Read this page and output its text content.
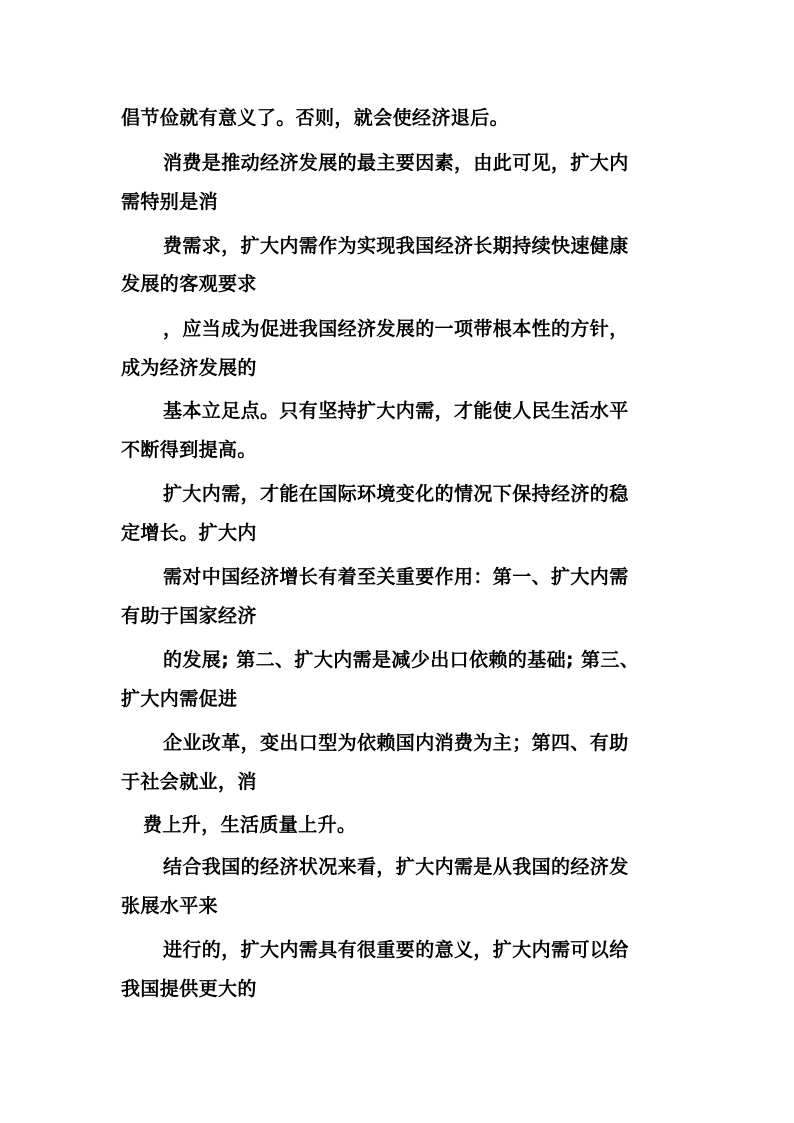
倡节俭就有意义了。否则，就会使经济退后。
消费是推动经济发展的最主要因素，由此可见，扩大内
需特别是消
费需求，扩大内需作为实现我国经济长期持续快速健康
发展的客观要求
，应当成为促进我国经济发展的一项带根本性的方针，
成为经济发展的
基本立足点。只有坚持扩大内需，才能使人民生活水平
不断得到提高。
扩大内需，才能在国际环境变化的情况下保持经济的稳
定增长。扩大内
需对中国经济增长有着至关重要作用：第一、扩大内需
有助于国家经济
的发展; 第二、扩大内需是减少出口依赖的基础; 第三、
扩大内需促进
企业改革，变出口型为依赖国内消费为主；第四、有助
于社会就业，消
费上升，生活质量上升。
结合我国的经济状况来看，扩大内需是从我国的经济发
张展水平来
进行的，扩大内需具有很重要的意义，扩大内需可以给
我国提供更大的
